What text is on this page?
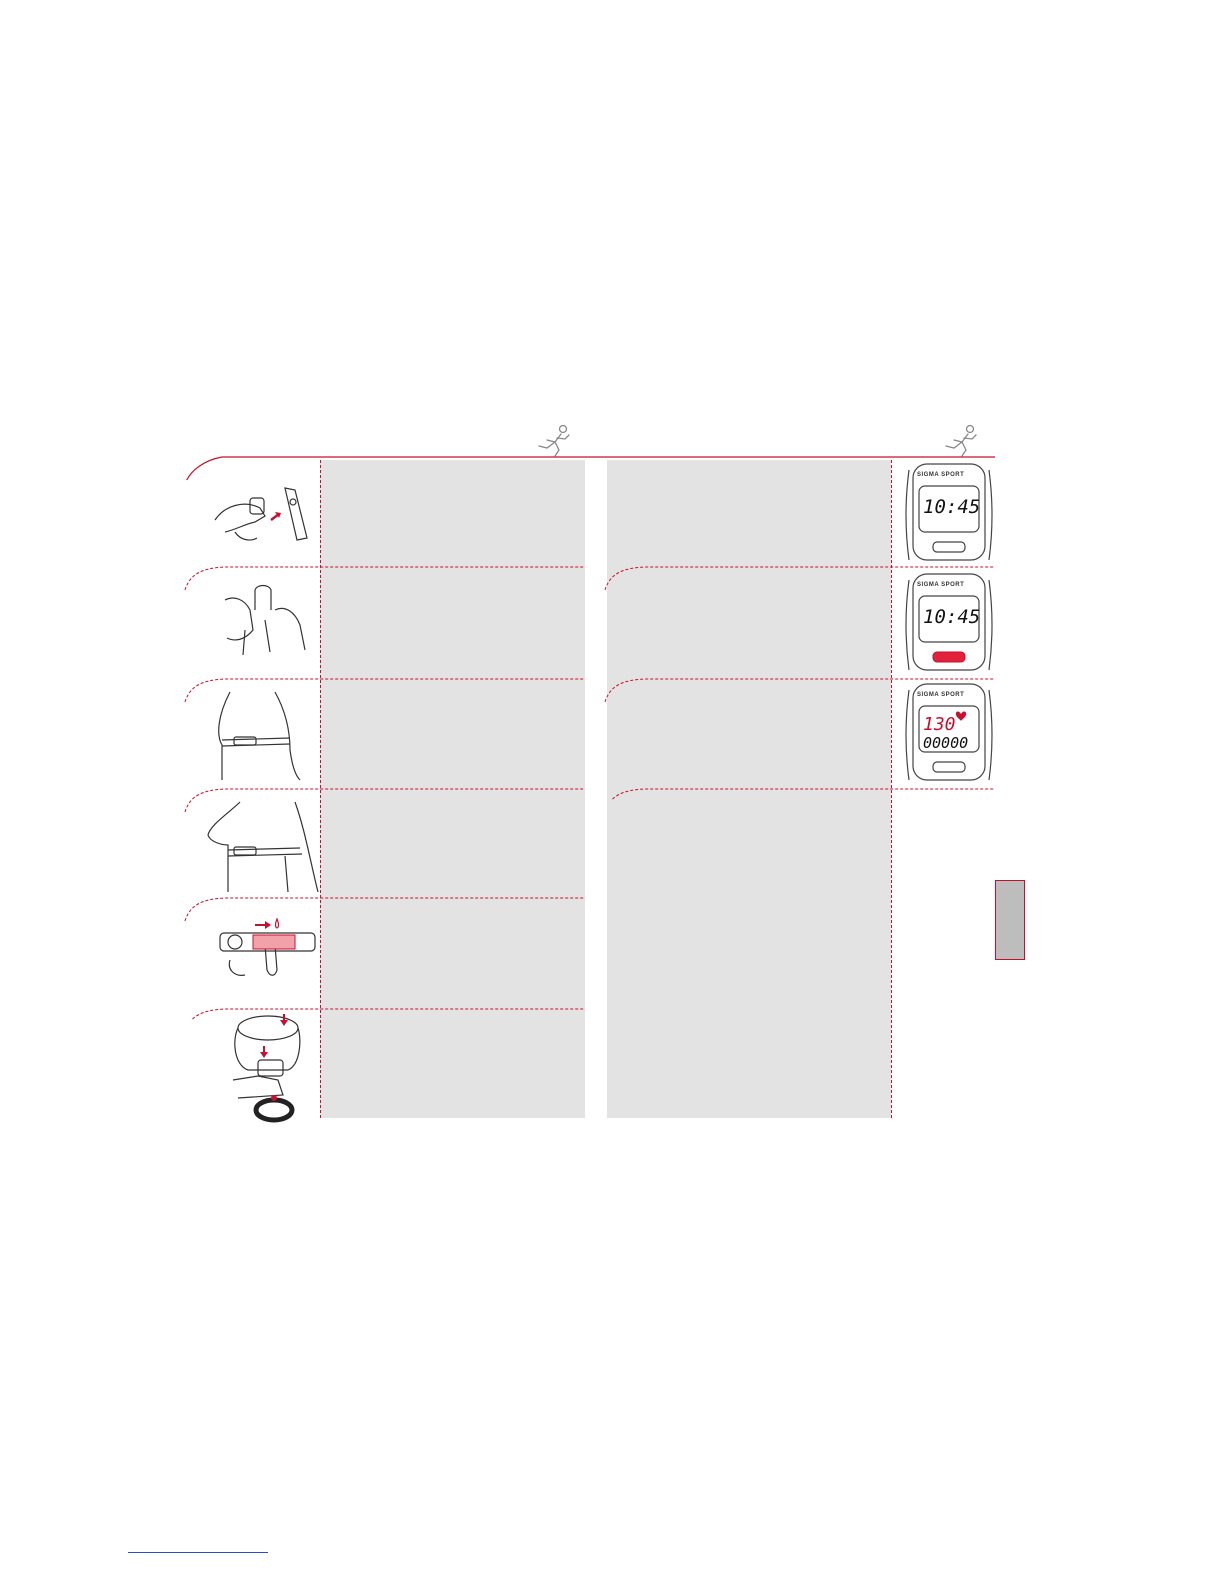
SIGMA SPORT
10:45
SIGMA SPORT
10:45
SIGMA SPORT
130
00000
